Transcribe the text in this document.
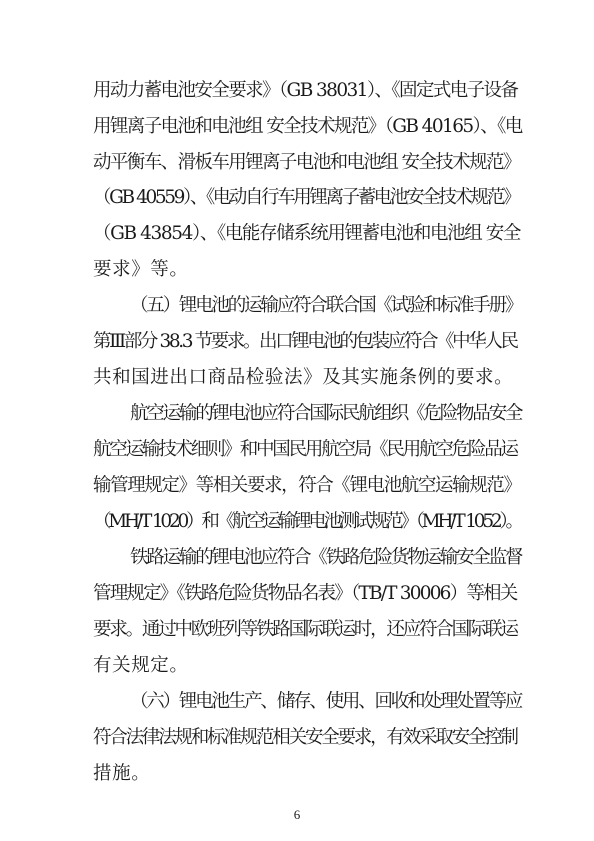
用动力蓄电池安全要求》（GB 38031）、《固定式电子设备
用锂离子电池和电池组 安全技术规范》（GB 40165）、《电
动平衡车、滑板车用锂离子电池和电池组 安全技术规范》
（GB 40559）、《电动自行车用锂离子蓄电池安全技术规范》
（GB 43854）、《电能存储系统用锂蓄电池和电池组 安全
要求》等。
（五）锂电池的运输应符合联合国《试验和标准手册》
第III部分 38.3 节要求。出口锂电池的包装应符合《中华人民
共和国进出口商品检验法》及其实施条例的要求。
航空运输的锂电池应符合国际民航组织《危险物品安全
航空运输技术细则》和中国民用航空局《民用航空危险品运
输管理规定》等相关要求，符合《锂电池航空运输规范》
（MH/T 1020）和《航空运输锂电池测试规范》（MH/T 1052）。
铁路运输的锂电池应符合《铁路危险货物运输安全监督
管理规定》《铁路危险货物品名表》（TB/T 30006）等相关
要求。通过中欧班列等铁路国际联运时，还应符合国际联运
有关规定。
（六）锂电池生产、储存、使用、回收和处理处置等应
符合法律法规和标准规范相关安全要求，有效采取安全控制
措施。
6
